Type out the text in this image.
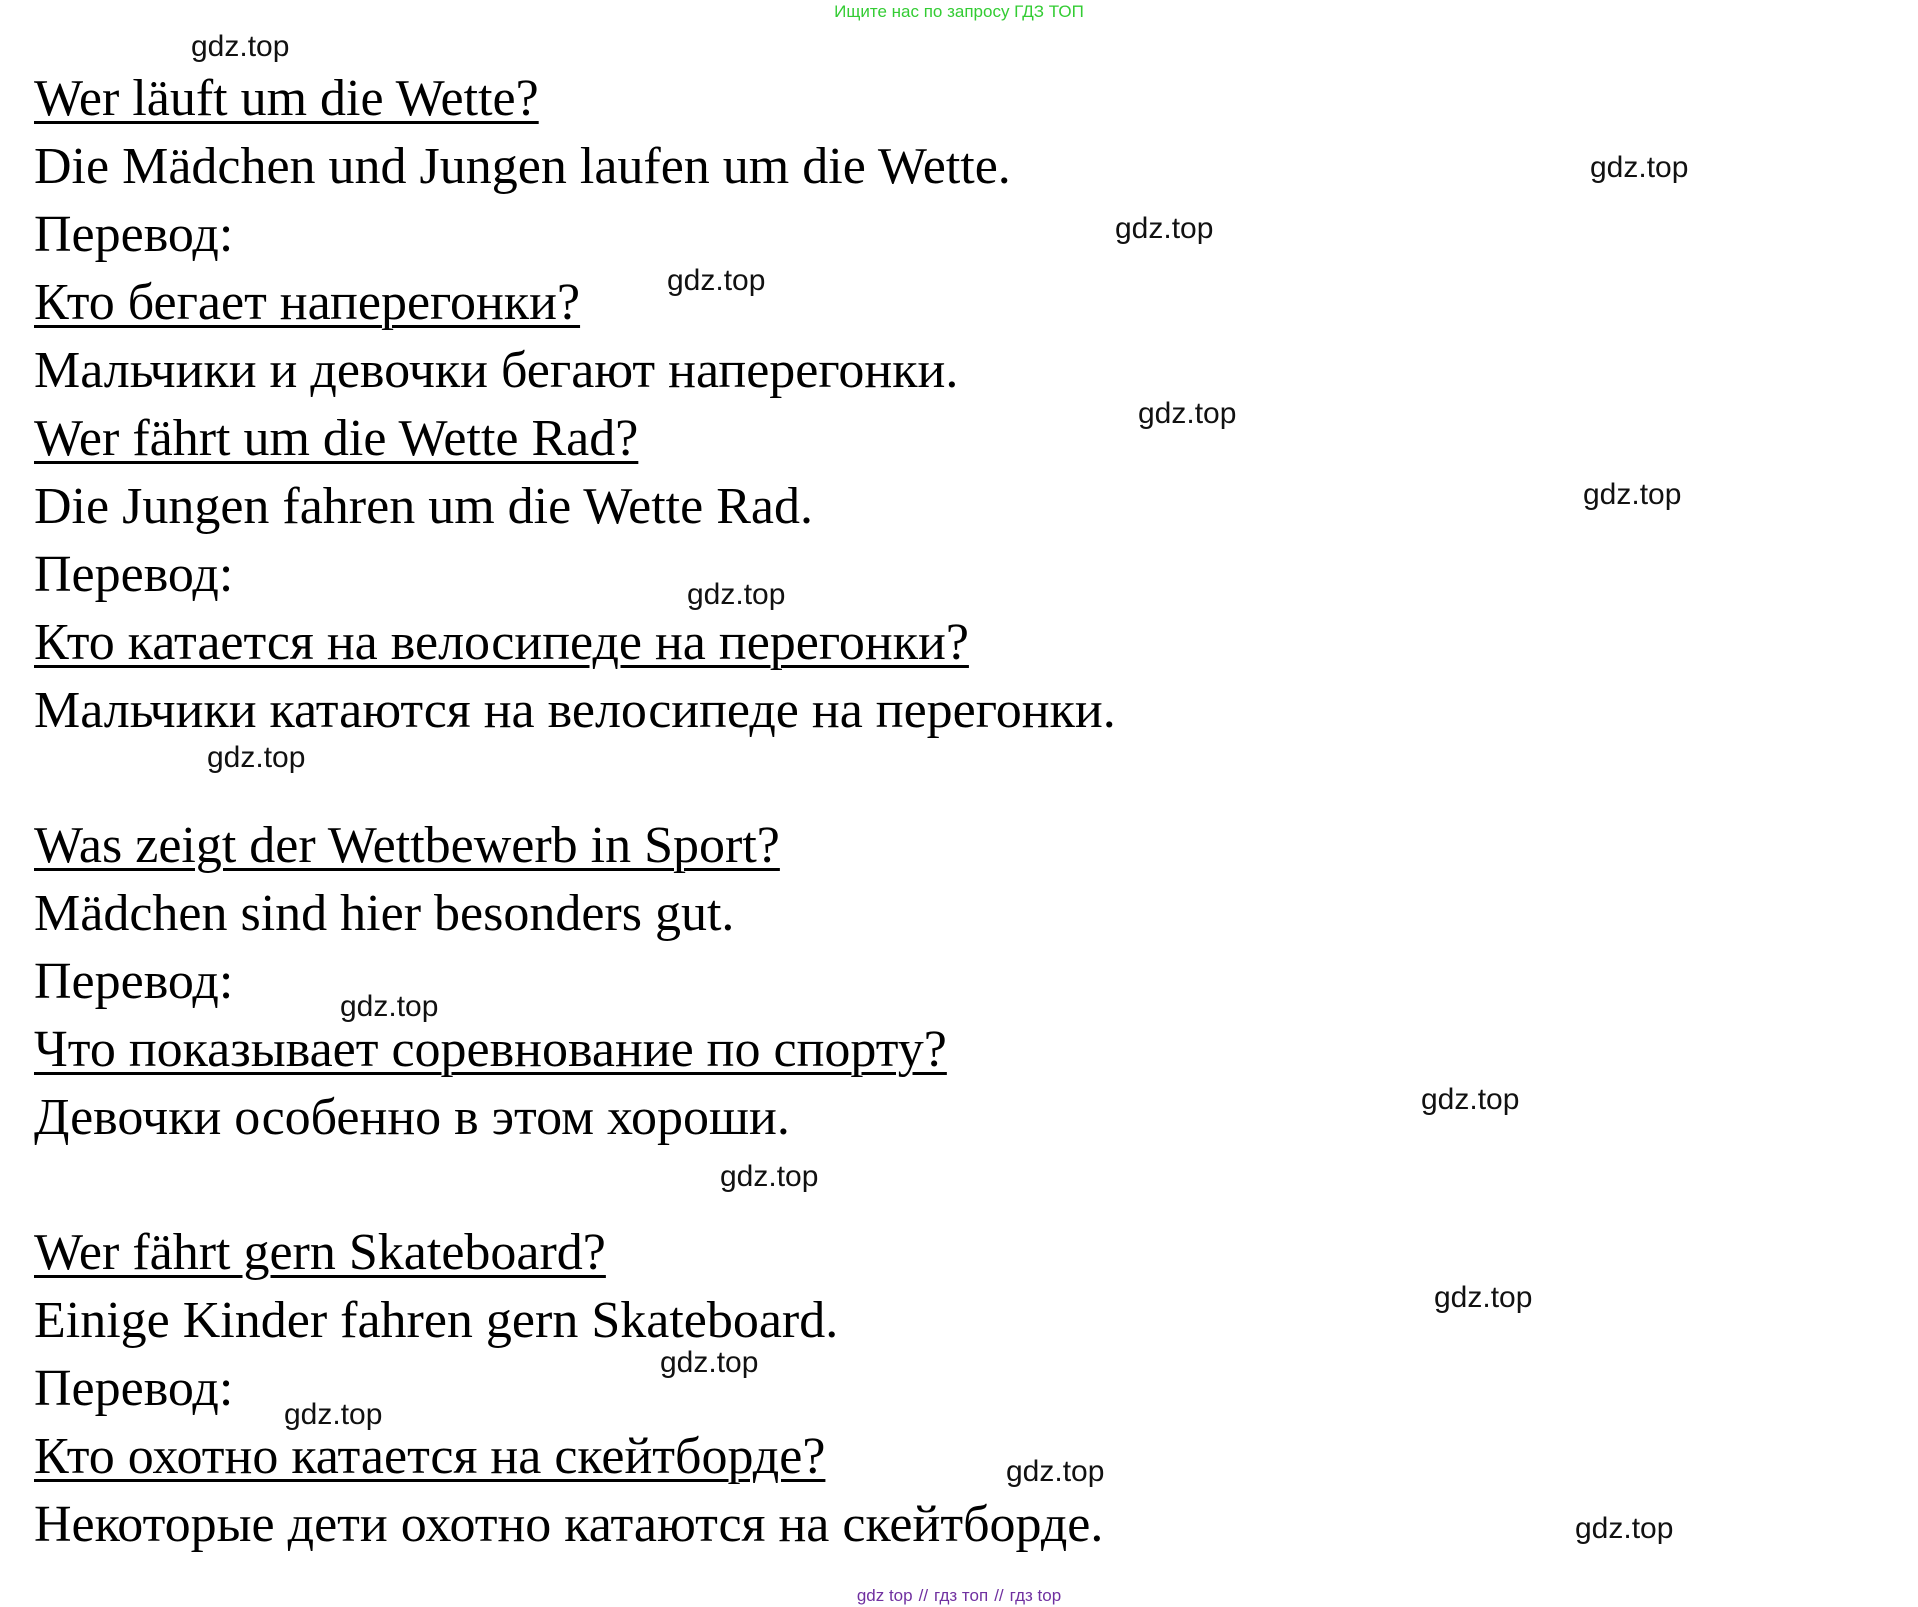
Ищите нас по запросу ГДЗ ТОП
Wer läuft um die Wette?
Die Mädchen und Jungen laufen um die Wette.
Перевод:
Кто бегает наперегонки?
Мальчики и девочки бегают наперегонки.
Wer fährt um die Wette Rad?
Die Jungen fahren um die Wette Rad.
Перевод:
Кто катается на велосипеде на перегонки?
Мальчики катаются на велосипеде на перегонки.
Was zeigt der Wettbewerb in Sport?
Mädchen sind hier besonders gut.
Перевод:
Что показывает соревнование по спорту?
Девочки особенно в этом хороши.
Wer fährt gern Skateboard?
Einige Kinder fahren gern Skateboard.
Перевод:
Кто охотно катается на скейтборде?
Некоторые дети охотно катаются на скейтборде.
gdz.top
gdz.top
gdz.top
gdz.top
gdz.top
gdz.top
gdz.top
gdz.top
gdz.top
gdz.top
gdz.top
gdz.top
gdz.top
gdz.top
gdz.top
gdz.top
gdz top // гдз топ // гдз top
